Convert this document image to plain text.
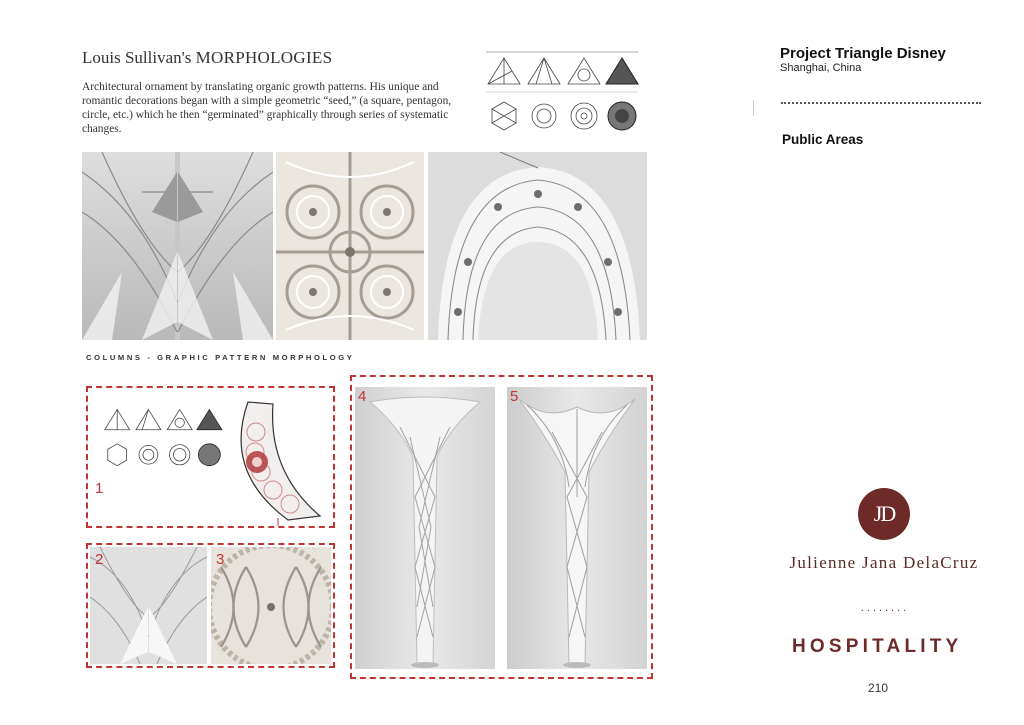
Louis Sullivan's MORPHOLOGIES
Architectural ornament by translating organic growth patterns. His unique and romantic decorations began with a simple geometric “seed,” (a square, pentagon, circle, etc.) which he then “germinated” graphically through series of systematic changes.
COLUMNS - GRAPHIC PATTERN MORPHOLOGY
1
2	3
4	5
Project Triangle Disney
Shanghai, China
Public Areas
JD
Julienne Jana DelaCruz
........
HOSPITALITY
210
